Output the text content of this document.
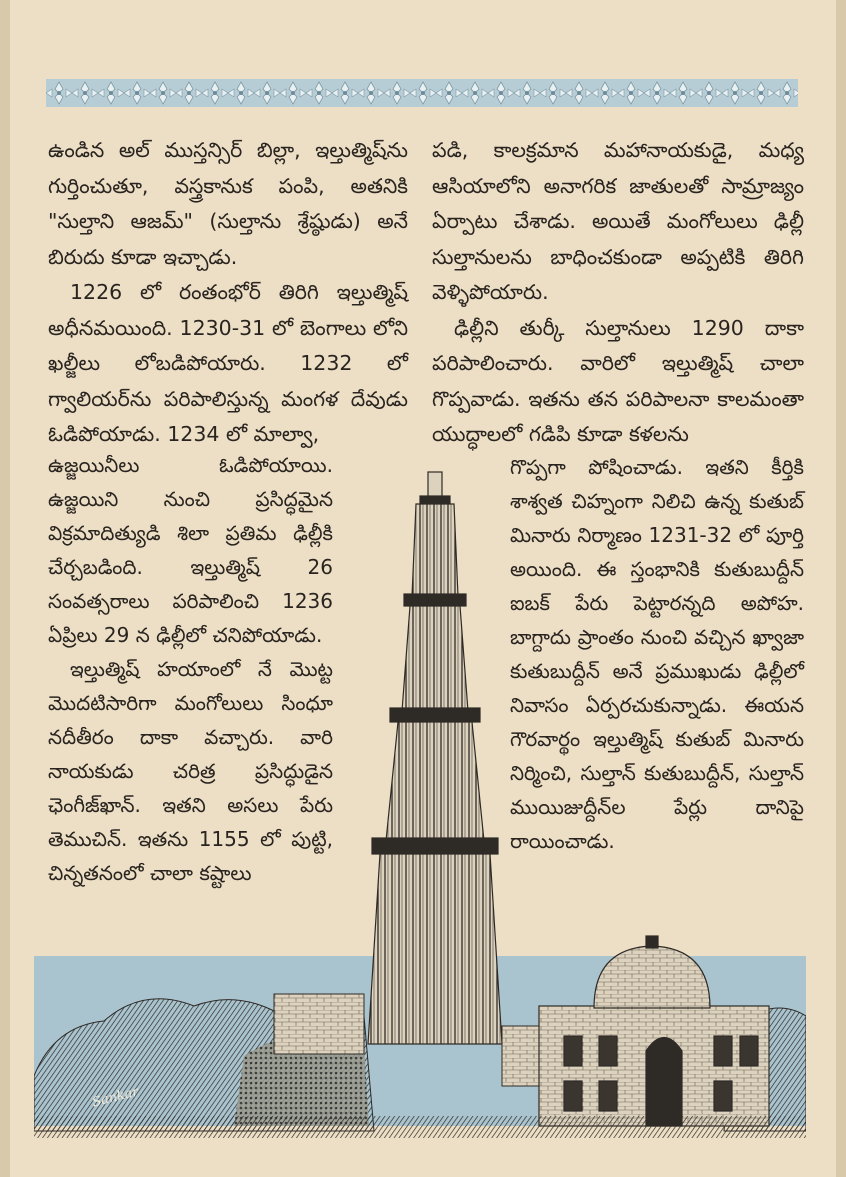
ఉండిన అల్ ముస్తన్సిర్ బిల్లా, ఇల్తుత్మిష్‌ను గుర్తించుతూ, వస్త్రకానుక పంపి, అతనికి "సుల్తాని ఆజమ్" (సుల్తాను శ్రేష్ఠుడు) అనే బిరుదు కూడా ఇచ్చాడు.

1226 లో రంతంభోర్ తిరిగి ఇల్తుత్మిష్ అధీనమయింది. 1230-31 లో బెంగాలు లోని ఖల్జీలు లోబడిపోయారు. 1232 లో గ్వాలియర్‌ను పరిపాలిస్తున్న మంగళ దేవుడు ఓడిపోయాడు. 1234 లో మాల్వా,

ఉజ్జయినీలు ఓడిపోయాయి. ఉజ్జయిని నుంచి ప్రసిద్ధమైన విక్రమాదిత్యుడి శిలా ప్రతిమ ఢిల్లీకి చేర్చబడింది. ఇల్తుత్మిష్ 26 సంవత్సరాలు పరిపాలించి 1236 ఏప్రిలు 29 న ఢిల్లీలో చనిపోయాడు.

ఇల్తుత్మిష్ హయాంలో నే మొట్ట మొదటిసారిగా మంగోలులు సింధూ నదీతీరం దాకా వచ్చారు. వారి నాయకుడు చరిత్ర ప్రసిద్ధుడైన ఛెంగీజ్‌ఖాన్. ఇతని అసలు పేరు తెముచిన్. ఇతను 1155 లో పుట్టి, చిన్నతనంలో చాలా కష్టాలు

పడి, కాలక్రమాన మహానాయకుడై, మధ్య ఆసియాలోని అనాగరిక జాతులతో సామ్రాజ్యం ఏర్పాటు చేశాడు. అయితే మంగోలులు ఢిల్లీ సుల్తానులను బాధించకుండా అప్పటికి తిరిగి వెళ్ళిపోయారు.

ఢిల్లీని తుర్కీ సుల్తానులు 1290 దాకా పరిపాలించారు. వారిలో ఇల్తుత్మిష్ చాలా గొప్పవాడు. ఇతను తన పరిపాలనా కాలమంతా యుద్ధాలలో గడిపి కూడా కళలను

గొప్పగా పోషించాడు. ఇతని కీర్తికి శాశ్వత చిహ్నంగా నిలిచి ఉన్న కుతుబ్ మినారు నిర్మాణం 1231-32 లో పూర్తి అయింది. ఈ స్తంభానికి కుతుబుద్దీన్ ఐబక్ పేరు పెట్టారన్నది అపోహ. బాగ్దాదు ప్రాంతం నుంచి వచ్చిన ఖ్వాజా కుతుబుద్దీన్ అనే ప్రముఖుడు ఢిల్లీలో నివాసం ఏర్పరచుకున్నాడు. ఈయన గౌరవార్థం ఇల్తుత్మిష్ కుతుబ్ మినారు నిర్మించి, సుల్తాన్ కుతుబుద్దీన్, సుల్తాన్ ముయిజుద్దీన్‌ల పేర్లు దానిపై రాయించాడు.

Sankar
